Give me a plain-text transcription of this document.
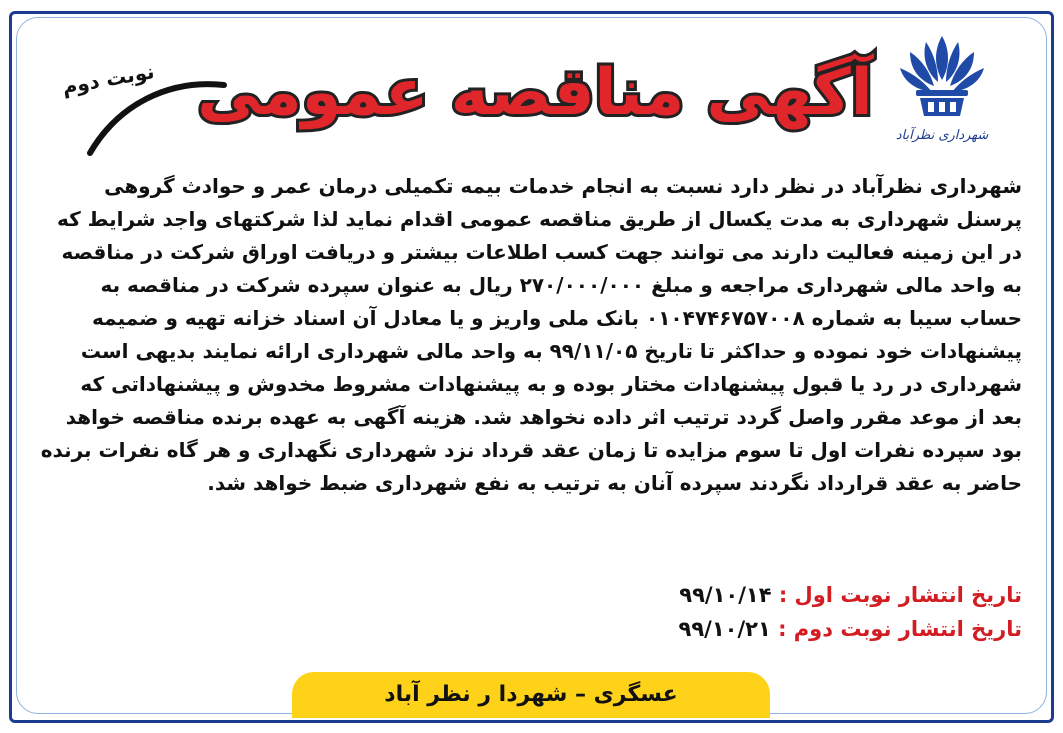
شهرداری نظرآباد
آگهی مناقصه عمومی
نوبت دوم
شهرداری نظرآباد در نظر دارد نسبت به انجام خدمات بیمه تکمیلی درمان عمر و حوادث گروهی
پرسنل شهرداری به مدت یکسال از طریق مناقصه عمومی اقدام نماید لذا شرکتهای واجد شرایط که
در این زمینه فعالیت دارند می توانند جهت کسب اطلاعات بیشتر و دریافت اوراق شرکت در مناقصه
به واحد مالی شهرداری مراجعه و مبلغ ۲۷۰/۰۰۰/۰۰۰ ریال به عنوان سپرده شرکت در مناقصه به
حساب سیبا به شماره ۰۱۰۴۷۴۶۷۵۷۰۰۸ بانک ملی واریز و یا معادل آن اسناد خزانه تهیه و ضمیمه
پیشنهادات خود نموده و حداکثر تا تاریخ ۹۹/۱۱/۰۵ به واحد مالی شهرداری ارائه نمایند بدیهی است
شهرداری در رد یا قبول پیشنهادات مختار بوده و به پیشنهادات مشروط مخدوش و پیشنهاداتی که
بعد از موعد مقرر واصل گردد ترتیب اثر داده نخواهد شد. هزینه آگهی به عهده برنده مناقصه خواهد
بود سپرده نفرات اول تا سوم مزایده تا زمان عقد قرداد نزد شهرداری نگهداری و هر گاه نفرات برنده
حاضر به عقد قرارداد نگردند سپرده آنان به ترتیب به نفع شهرداری ضبط خواهد شد.
تاریخ انتشار نوبت اول : ۹۹/۱۰/۱۴
تاریخ انتشار نوبت دوم : ۹۹/۱۰/۲۱
عسگری – شهردا ر نظر آباد
